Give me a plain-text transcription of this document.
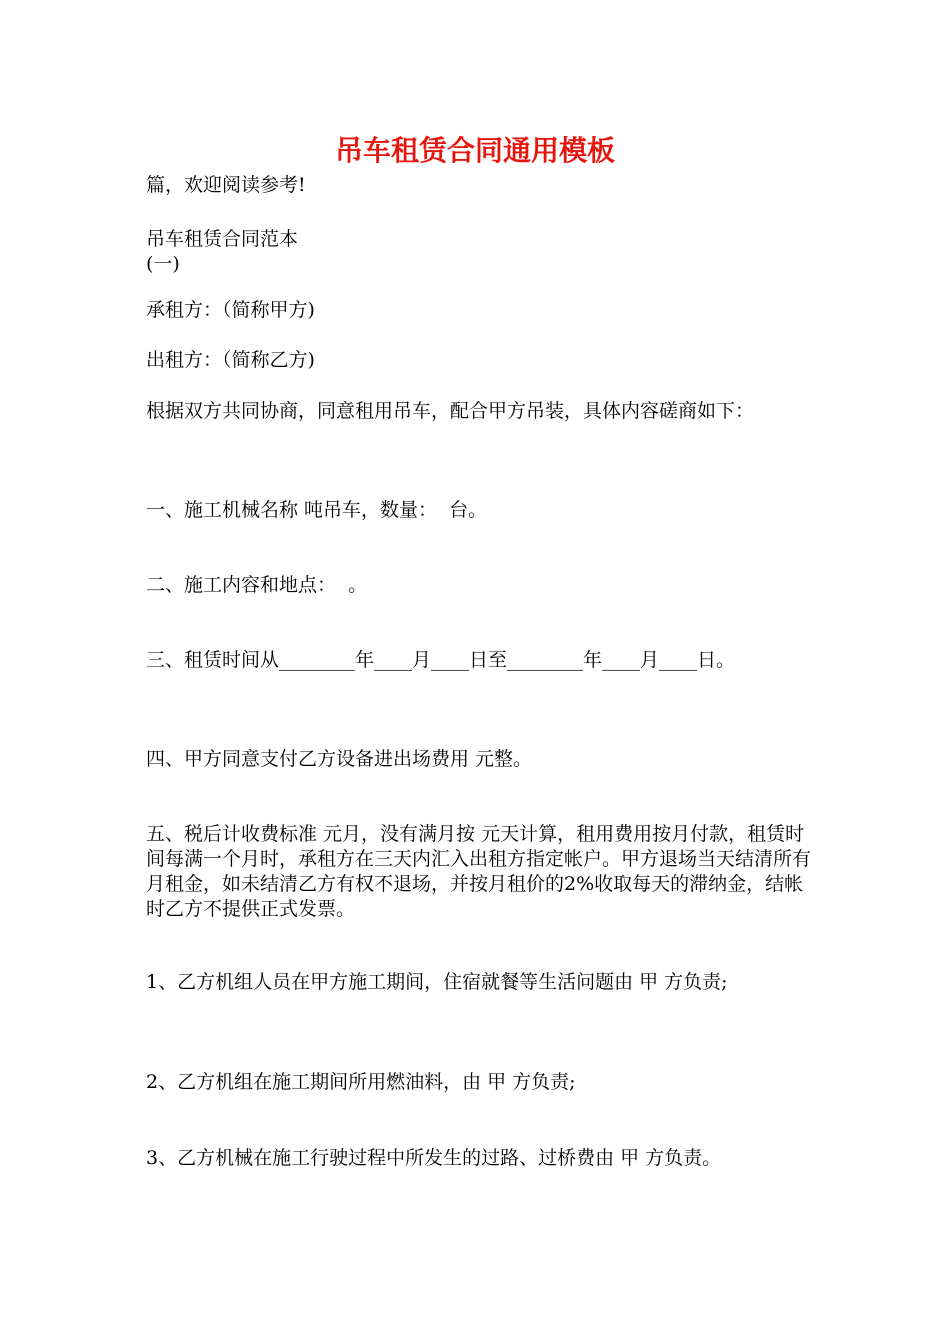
吊车租赁合同通用模板
篇，欢迎阅读参考!
吊车租赁合同范本
(一)
承租方：（简称甲方)
出租方：（简称乙方)
根据双方共同协商，同意租用吊车，配合甲方吊装，具体内容磋商如下：
一、施工机械名称 吨吊车，数量：  台。
二、施工内容和地点：  。
三、租赁时间从________年____月____日至________年____月____日。
四、甲方同意支付乙方设备进出场费用 元整。
五、税后计收费标准 元月，没有满月按 元天计算，租用费用按月付款，租赁时间每满一个月时，承租方在三天内汇入出租方指定帐户。甲方退场当天结清所有月租金，如未结清乙方有权不退场，并按月租价的2%收取每天的滞纳金，结帐时乙方不提供正式发票。
1、乙方机组人员在甲方施工期间，住宿就餐等生活问题由 甲 方负责;
2、乙方机组在施工期间所用燃油料，由 甲 方负责;
3、乙方机械在施工行驶过程中所发生的过路、过桥费由 甲 方负责。
